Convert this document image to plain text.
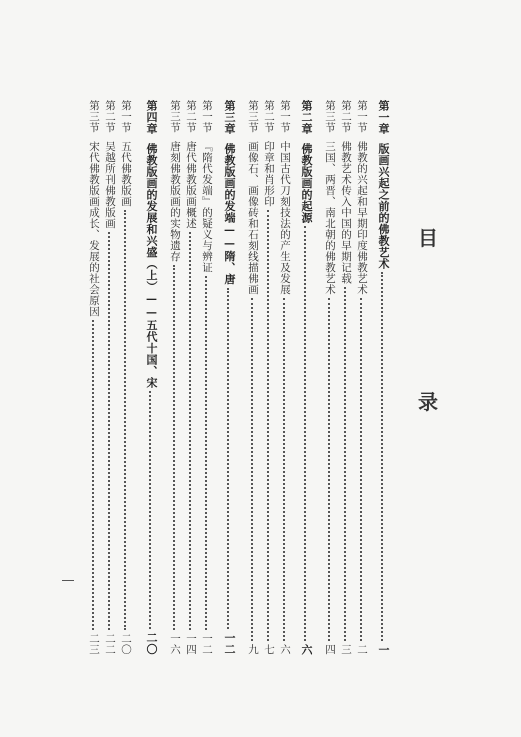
目
录
第一章
版画兴起之前的佛教艺术
一
第一节
佛教的兴起和早期印度佛教艺术
二
第二节
佛教艺术传入中国的早期记载
三
第三节
三国、两晋、南北朝的佛教艺术
四
第二章
佛教版画的起源
六
第一节
中国古代刀刻技法的产生及发展
六
第二节
印章和肖形印
七
第三节
画像石、画像砖和石刻线描佛画
九
第三章
佛教版画的发端——隋、唐
一二
第一节
『隋代发端』的疑义与辨证
一二
第二节
唐代佛教版画概述
一四
第三节
唐刻佛教版画的实物遗存
一六
第四章
佛教版画的发展和兴盛（上）——五代十国、宋
二〇
第一节
五代佛教版画
二〇
第二节
吴越所刊佛教版画
二二
第三节
宋代佛教版画成长、发展的社会原因
二三
